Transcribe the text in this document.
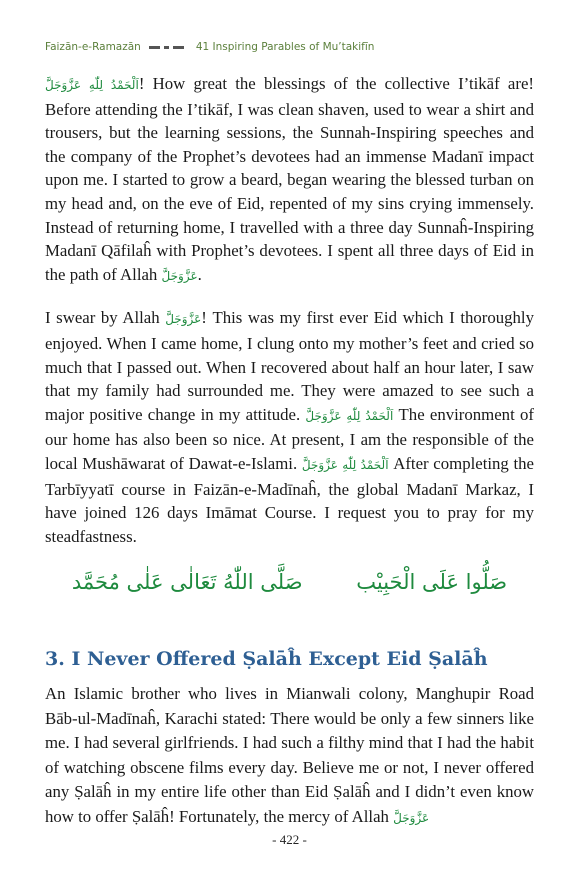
Faizān-e-Ramazān	41 Inspiring Parables of Mu’takifīn

اَلْحَمْدُ لِلّٰهِ عَزَّوَجَلَّ! How great the blessings of the collective I’tikāf are! Before attending the I’tikāf, I was clean shaven, used to wear a shirt and trousers, but the learning sessions, the Sunnah-Inspiring speeches and the company of the Prophet’s devotees had an immense Madanī impact upon me. I started to grow a beard, began wearing the blessed turban on my head and, on the eve of Eid, repented of my sins crying immensely. Instead of returning home, I travelled with a three day Sunnaĥ-Inspiring Madanī Qāfilaĥ with Prophet’s devotees. I spent all three days of Eid in the path of Allah عَزَّوَجَلَّ.

I swear by Allah عَزَّوَجَلَّ! This was my first ever Eid which I thoroughly enjoyed. When I came home, I clung onto my mother’s feet and cried so much that I passed out. When I recovered about half an hour later, I saw that my family had surrounded me. They were amazed to see such a major positive change in my attitude. اَلْحَمْدُ لِلّٰهِ عَزَّوَجَلَّ The environment of our home has also been so nice. At present, I am the responsible of the local Mushāwarat of Dawat-e-Islami. اَلْحَمْدُ لِلّٰهِ عَزَّوَجَلَّ After completing the Tarbīyyatī course in Faizān-e-Madīnaĥ, the global Madanī Markaz, I have joined 126 days Imāmat Course. I request you to pray for my steadfastness.

صَلُّوا عَلَى الْحَبِيْب
صَلَّى اللّٰهُ تَعَالٰى عَلٰى مُحَمَّد
3. I Never Offered Ṣalāĥ Except Eid Ṣalāĥ
An Islamic brother who lives in Mianwali colony, Manghupir Road Bāb-ul-Madīnaĥ, Karachi stated: There would be only a few sinners like me. I had several girlfriends. I had such a filthy mind that I had the habit of watching obscene films every day. Believe me or not, I never offered any Ṣalāĥ in my entire life other than Eid Ṣalāĥ and I didn’t even know how to offer Ṣalāĥ! Fortunately, the mercy of Allah عَزَّوَجَلَّ
- 422 -
